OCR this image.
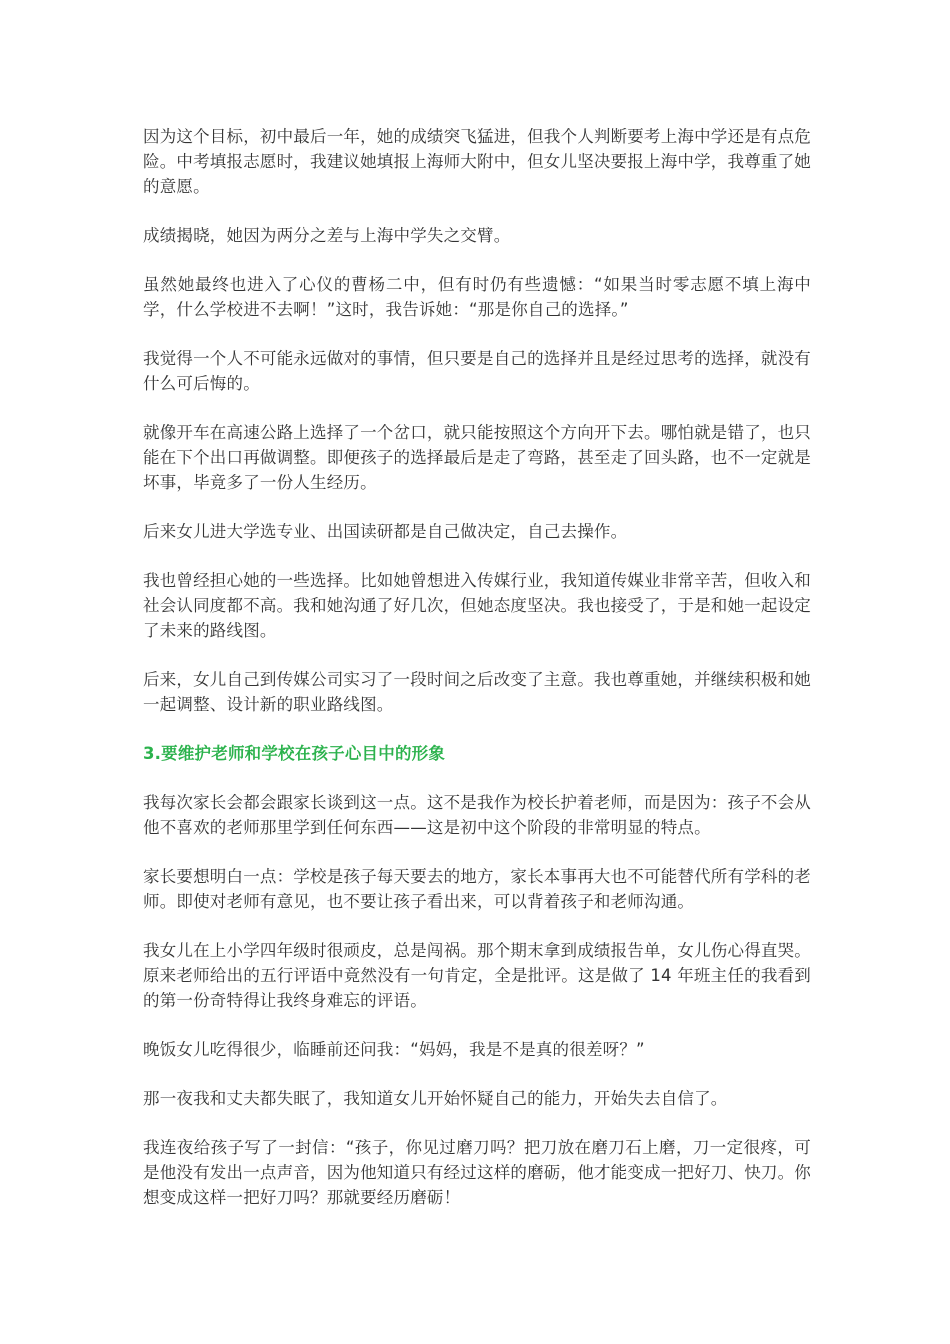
因为这个目标，初中最后一年，她的成绩突飞猛进，但我个人判断要考上海中学还是有点危险。中考填报志愿时，我建议她填报上海师大附中，但女儿坚决要报上海中学，我尊重了她的意愿。

成绩揭晓，她因为两分之差与上海中学失之交臂。

虽然她最终也进入了心仪的曹杨二中，但有时仍有些遗憾：“如果当时零志愿不填上海中学，什么学校进不去啊！”这时，我告诉她：“那是你自己的选择。”

我觉得一个人不可能永远做对的事情，但只要是自己的选择并且是经过思考的选择，就没有什么可后悔的。

就像开车在高速公路上选择了一个岔口，就只能按照这个方向开下去。哪怕就是错了，也只能在下个出口再做调整。即便孩子的选择最后是走了弯路，甚至走了回头路，也不一定就是坏事，毕竟多了一份人生经历。

后来女儿进大学选专业、出国读研都是自己做决定，自己去操作。

我也曾经担心她的一些选择。比如她曾想进入传媒行业，我知道传媒业非常辛苦，但收入和社会认同度都不高。我和她沟通了好几次，但她态度坚决。我也接受了，于是和她一起设定了未来的路线图。

后来，女儿自己到传媒公司实习了一段时间之后改变了主意。我也尊重她，并继续积极和她一起调整、设计新的职业路线图。

3.要维护老师和学校在孩子心目中的形象

我每次家长会都会跟家长谈到这一点。这不是我作为校长护着老师，而是因为：孩子不会从他不喜欢的老师那里学到任何东西——这是初中这个阶段的非常明显的特点。

家长要想明白一点：学校是孩子每天要去的地方，家长本事再大也不可能替代所有学科的老师。即使对老师有意见，也不要让孩子看出来，可以背着孩子和老师沟通。

我女儿在上小学四年级时很顽皮，总是闯祸。那个期末拿到成绩报告单，女儿伤心得直哭。原来老师给出的五行评语中竟然没有一句肯定，全是批评。这是做了 14 年班主任的我看到的第一份奇特得让我终身难忘的评语。

晚饭女儿吃得很少，临睡前还问我：“妈妈，我是不是真的很差呀？”

那一夜我和丈夫都失眠了，我知道女儿开始怀疑自己的能力，开始失去自信了。

我连夜给孩子写了一封信：“孩子，你见过磨刀吗？把刀放在磨刀石上磨，刀一定很疼，可是他没有发出一点声音，因为他知道只有经过这样的磨砺，他才能变成一把好刀、快刀。你想变成这样一把好刀吗？那就要经历磨砺！
